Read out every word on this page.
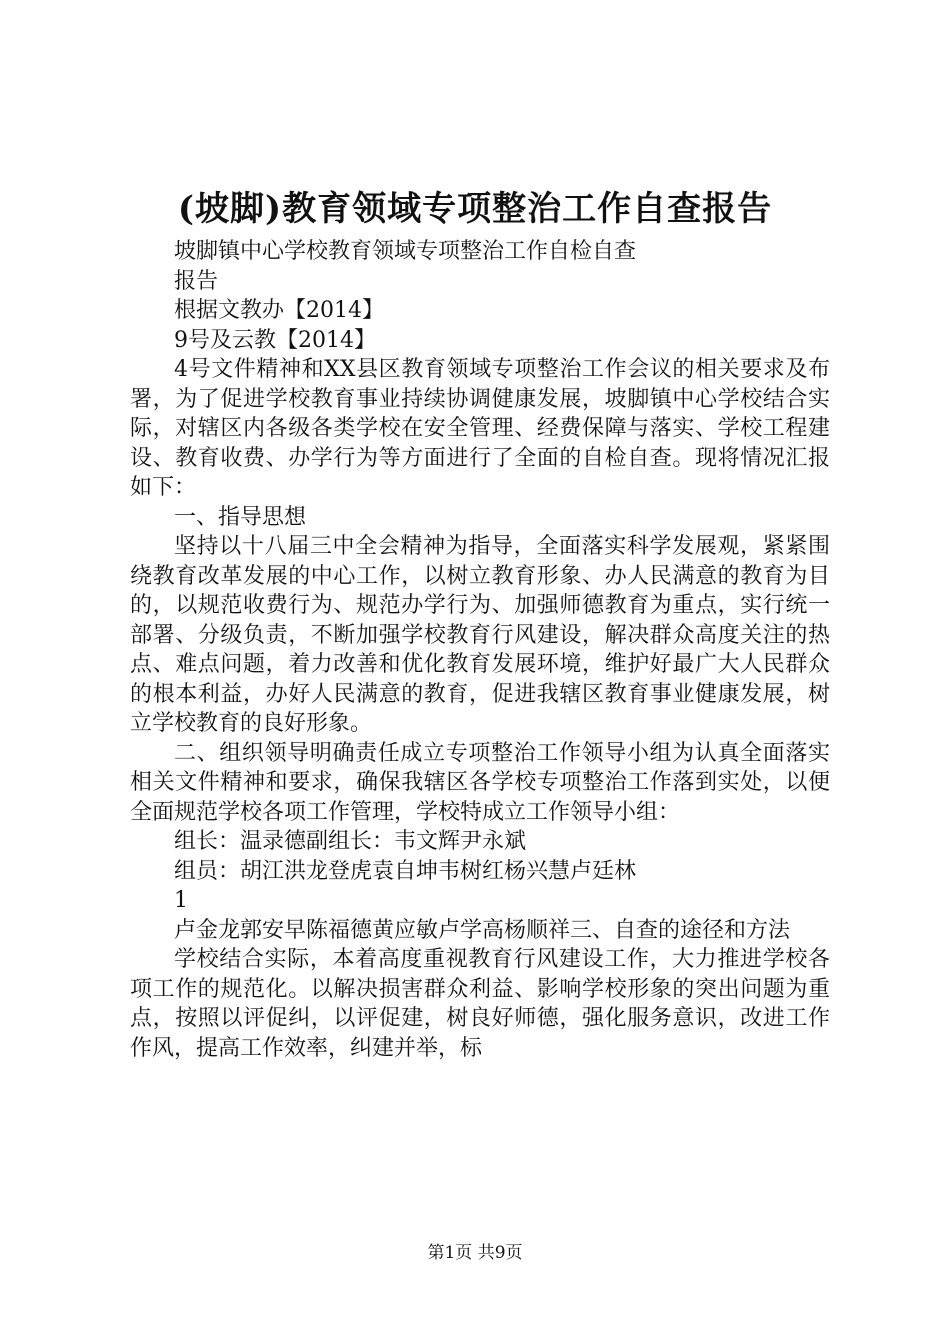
(坡脚)教育领域专项整治工作自查报告

坡脚镇中心学校教育领域专项整治工作自检自查

报告

根据文教办【2014】

9号及云教【2014】

4号文件精神和XX县区教育领域专项整治工作会议的相关要求及布署，为了促进学校教育事业持续协调健康发展，坡脚镇中心学校结合实际，对辖区内各级各类学校在安全管理、经费保障与落实、学校工程建设、教育收费、办学行为等方面进行了全面的自检自查。现将情况汇报如下：

一、指导思想

坚持以十八届三中全会精神为指导，全面落实科学发展观，紧紧围绕教育改革发展的中心工作，以树立教育形象、办人民满意的教育为目的，以规范收费行为、规范办学行为、加强师德教育为重点，实行统一部署、分级负责，不断加强学校教育行风建设，解决群众高度关注的热点、难点问题，着力改善和优化教育发展环境，维护好最广大人民群众的根本利益，办好人民满意的教育，促进我辖区教育事业健康发展，树立学校教育的良好形象。

二、组织领导明确责任成立专项整治工作领导小组为认真全面落实相关文件精神和要求，确保我辖区各学校专项整治工作落到实处，以便全面规范学校各项工作管理，学校特成立工作领导小组：

组长：温录德副组长：韦文辉尹永斌

组员：胡江洪龙登虎袁自坤韦树红杨兴慧卢廷林

1

卢金龙郭安早陈福德黄应敏卢学高杨顺祥三、自查的途径和方法

学校结合实际，本着高度重视教育行风建设工作，大力推进学校各项工作的规范化。以解决损害群众利益、影响学校形象的突出问题为重点，按照以评促纠，以评促建，树良好师德，强化服务意识，改进工作作风，提高工作效率，纠建并举，标

第1页 共9页
